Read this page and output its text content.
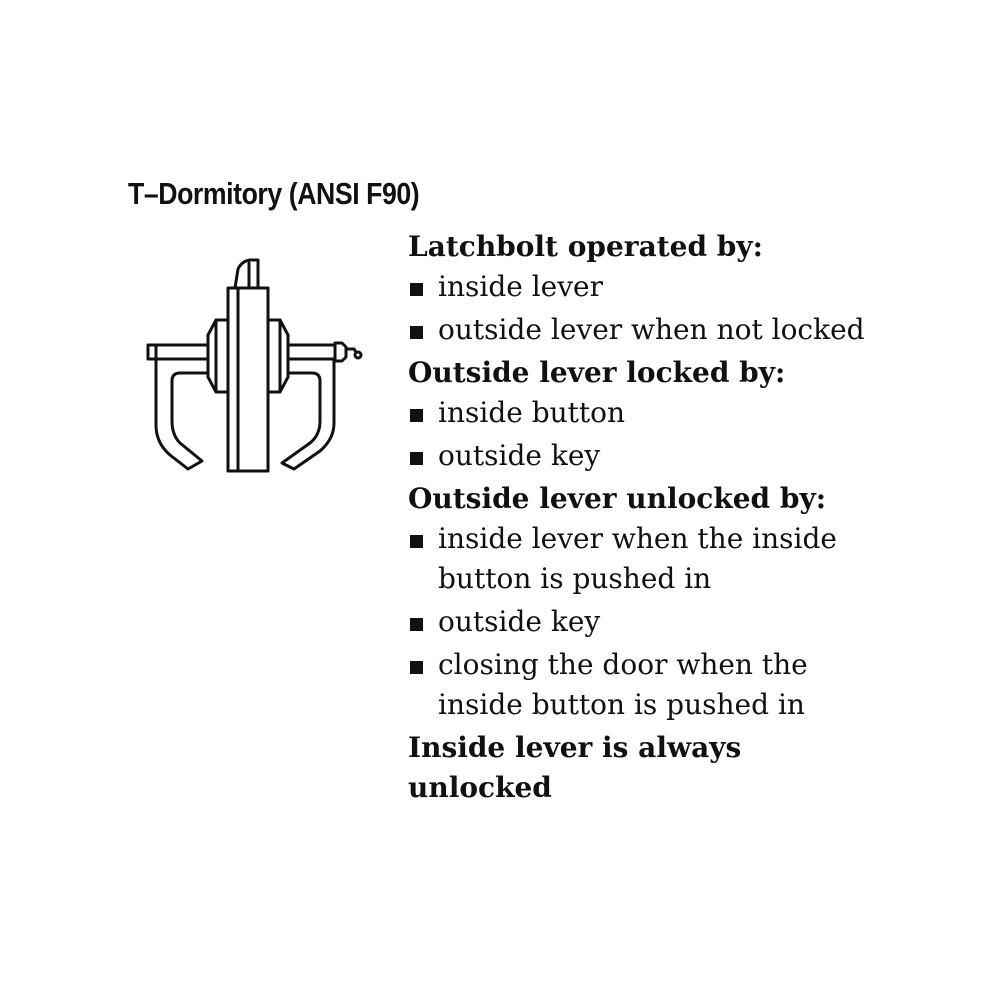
T–Dormitory (ANSI F90)
Latchbolt operated by:
inside lever
outside lever when not locked
Outside lever locked by:
inside button
outside key
Outside lever unlocked by:
inside lever when the inside button is pushed in
outside key
closing the door when the inside button is pushed in
Inside lever is always unlocked
